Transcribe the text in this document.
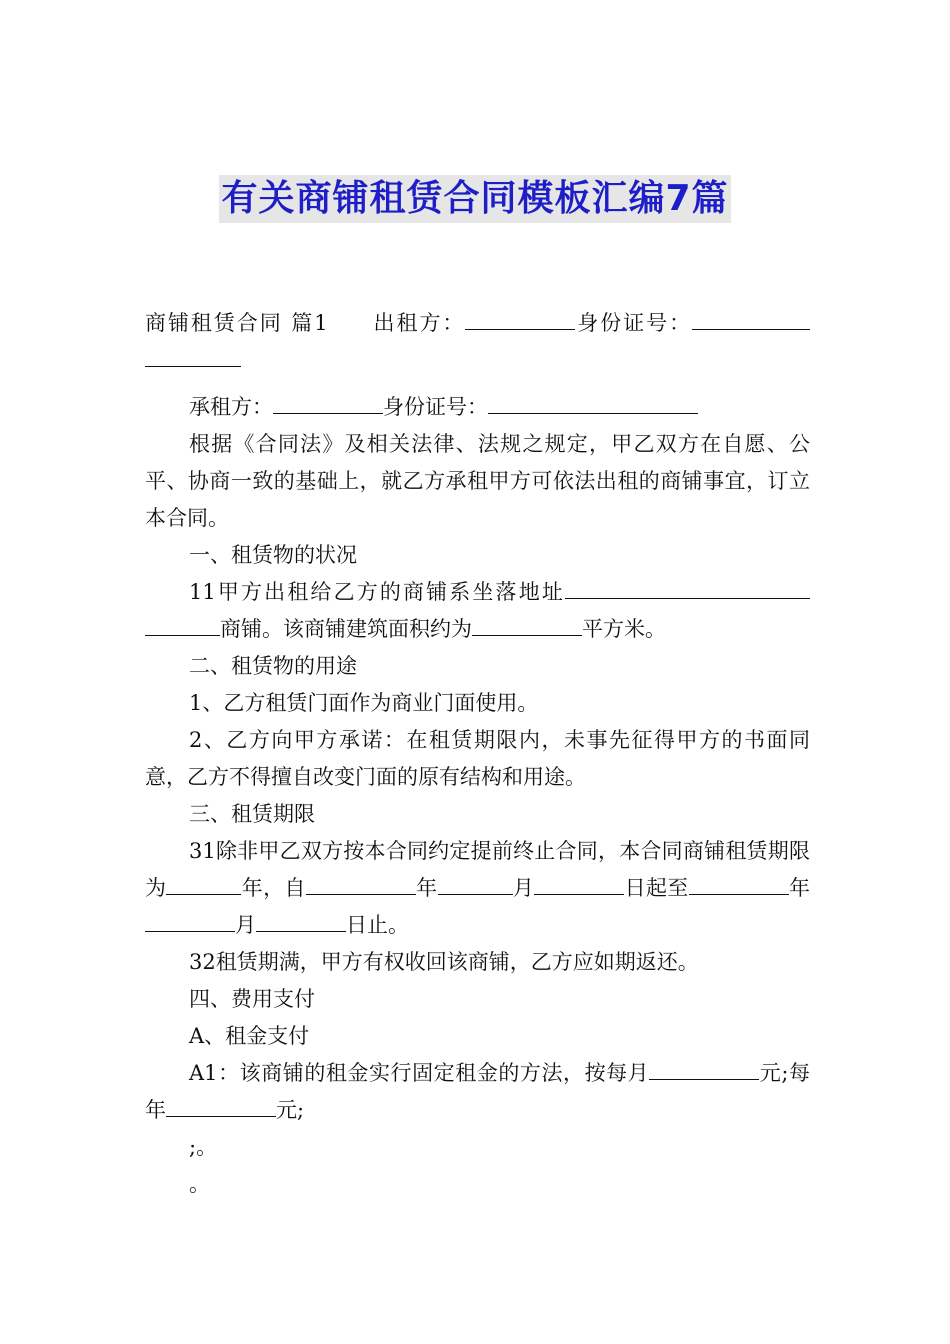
有关商铺租赁合同模板汇编7篇

商铺租赁合同 篇1 出租方：	身份证号：

承租方：	身份证号：

根据《合同法》及相关法律、法规之规定，甲乙双方在自愿、公平、协商一致的基础上，就乙方承租甲方可依法出租的商铺事宜，订立本合同。

一、租赁物的状况

11甲方出租给乙方的商铺系坐落地址商铺。该商铺建筑面积约为	平方米。

二、租赁物的用途

1、乙方租赁门面作为商业门面使用。

2、乙方向甲方承诺：在租赁期限内，未事先征得甲方的书面同意，乙方不得擅自改变门面的原有结构和用途。

三、租赁期限

31除非甲乙双方按本合同约定提前终止合同，本合同商铺租赁期限为	年，自	年	月	日起至	年月	日止。

32租赁期满，甲方有权收回该商铺，乙方应如期返还。

四、费用支付

A、租金支付

A1：该商铺的租金实行固定租金的方法，按每月	元;每年	元;

;。

。
